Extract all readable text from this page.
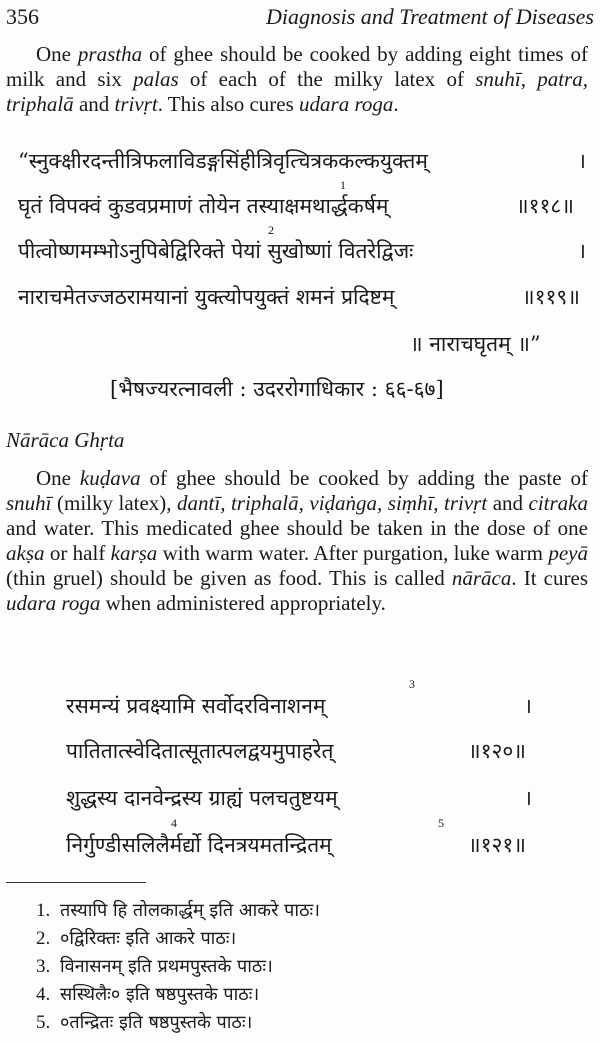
356	Diagnosis and Treatment of Diseases

One prastha of ghee should be cooked by adding eight times of milk and six palas of each of the milky latex of snuhī, patra, triphalā and trivṛt. This also cures udara roga.

“स्नुक्क्षीरदन्तीत्रिफलाविडङ्गसिंहीत्रिवृत्चित्रककल्कयुक्तम्	।
1
घृतं विपक्वं कुडवप्रमाणं तोयेन तस्याक्षमथार्द्धकर्षम्	॥११८॥
2
पीत्वोष्णमम्भोऽनुपिबेद्विरिक्ते पेयां सुखोष्णां वितरेद्विजः	।
नाराचमेतज्जठरामयानां युक्त्योपयुक्तं शमनं प्रदिष्टम्	॥११९॥
॥ नाराचघृतम् ॥”
[भैषज्यरत्नावली : उदररोगाधिकार : ६६-६७]
Nārāca Ghṛta

One kuḍava of ghee should be cooked by adding the paste of snuhī (milky latex), dantī, triphalā, viḍaṅga, siṃhī, trivṛt and citraka and water. This medicated ghee should be taken in the dose of one akṣa or half karṣa with warm water. After purgation, luke warm peyā (thin gruel) should be given as food. This is called nārāca. It cures udara roga when administered appropriately.

3
रसमन्यं प्रवक्ष्यामि सर्वोदरविनाशनम्	।
पातितात्स्वेदितात्सूतात्पलद्वयमुपाहरेत्	॥१२०॥
शुद्धस्य दानवेन्द्रस्य ग्राह्यं पलचतुष्टयम्	।
4	5
निर्गुण्डीसलिलैर्मर्द्यो दिनत्रयमतन्द्रितम्	॥१२१॥
1. तस्यापि हि तोलकार्द्धम् इति आकरे पाठः।
2. ०द्विरिक्तः इति आकरे पाठः।
3. विनासनम् इति प्रथमपुस्तके पाठः।
4. सस्थिलैः० इति षष्ठपुस्तके पाठः।
5. ०तन्द्रितः इति षष्ठपुस्तके पाठः।
